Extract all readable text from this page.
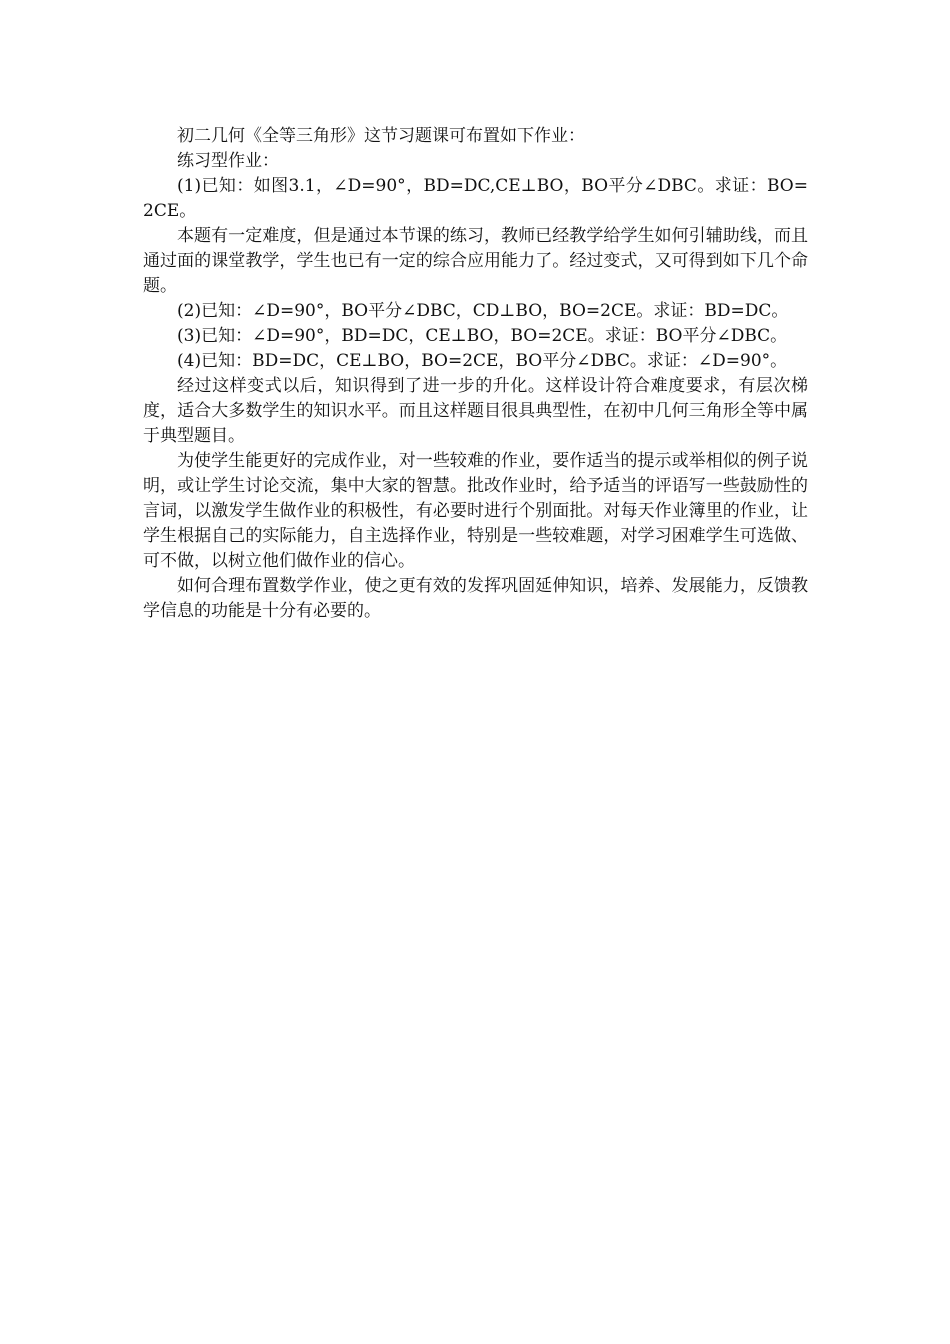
初二几何《全等三角形》这节习题课可布置如下作业：

练习型作业：

(1)已知：如图3.1，∠D=90°，BD=DC,CE⊥BO，BO平分∠DBC。求证：BO=2CE。

本题有一定难度，但是通过本节课的练习，教师已经教学给学生如何引辅助线，而且通过面的课堂教学，学生也已有一定的综合应用能力了。经过变式，又可得到如下几个命题。

(2)已知：∠D=90°，BO平分∠DBC，CD⊥BO，BO=2CE。求证：BD=DC。

(3)已知：∠D=90°，BD=DC，CE⊥BO，BO=2CE。求证：BO平分∠DBC。

(4)已知：BD=DC，CE⊥BO，BO=2CE，BO平分∠DBC。求证：∠D=90°。

经过这样变式以后，知识得到了进一步的升化。这样设计符合难度要求，有层次梯度，适合大多数学生的知识水平。而且这样题目很具典型性，在初中几何三角形全等中属于典型题目。

为使学生能更好的完成作业，对一些较难的作业，要作适当的提示或举相似的例子说明，或让学生讨论交流，集中大家的智慧。批改作业时，给予适当的评语写一些鼓励性的言词，以激发学生做作业的积极性，有必要时进行个别面批。对每天作业簿里的作业，让学生根据自己的实际能力，自主选择作业，特别是一些较难题，对学习困难学生可选做、可不做，以树立他们做作业的信心。

如何合理布置数学作业，使之更有效的发挥巩固延伸知识，培养、发展能力，反馈教学信息的功能是十分有必要的。
